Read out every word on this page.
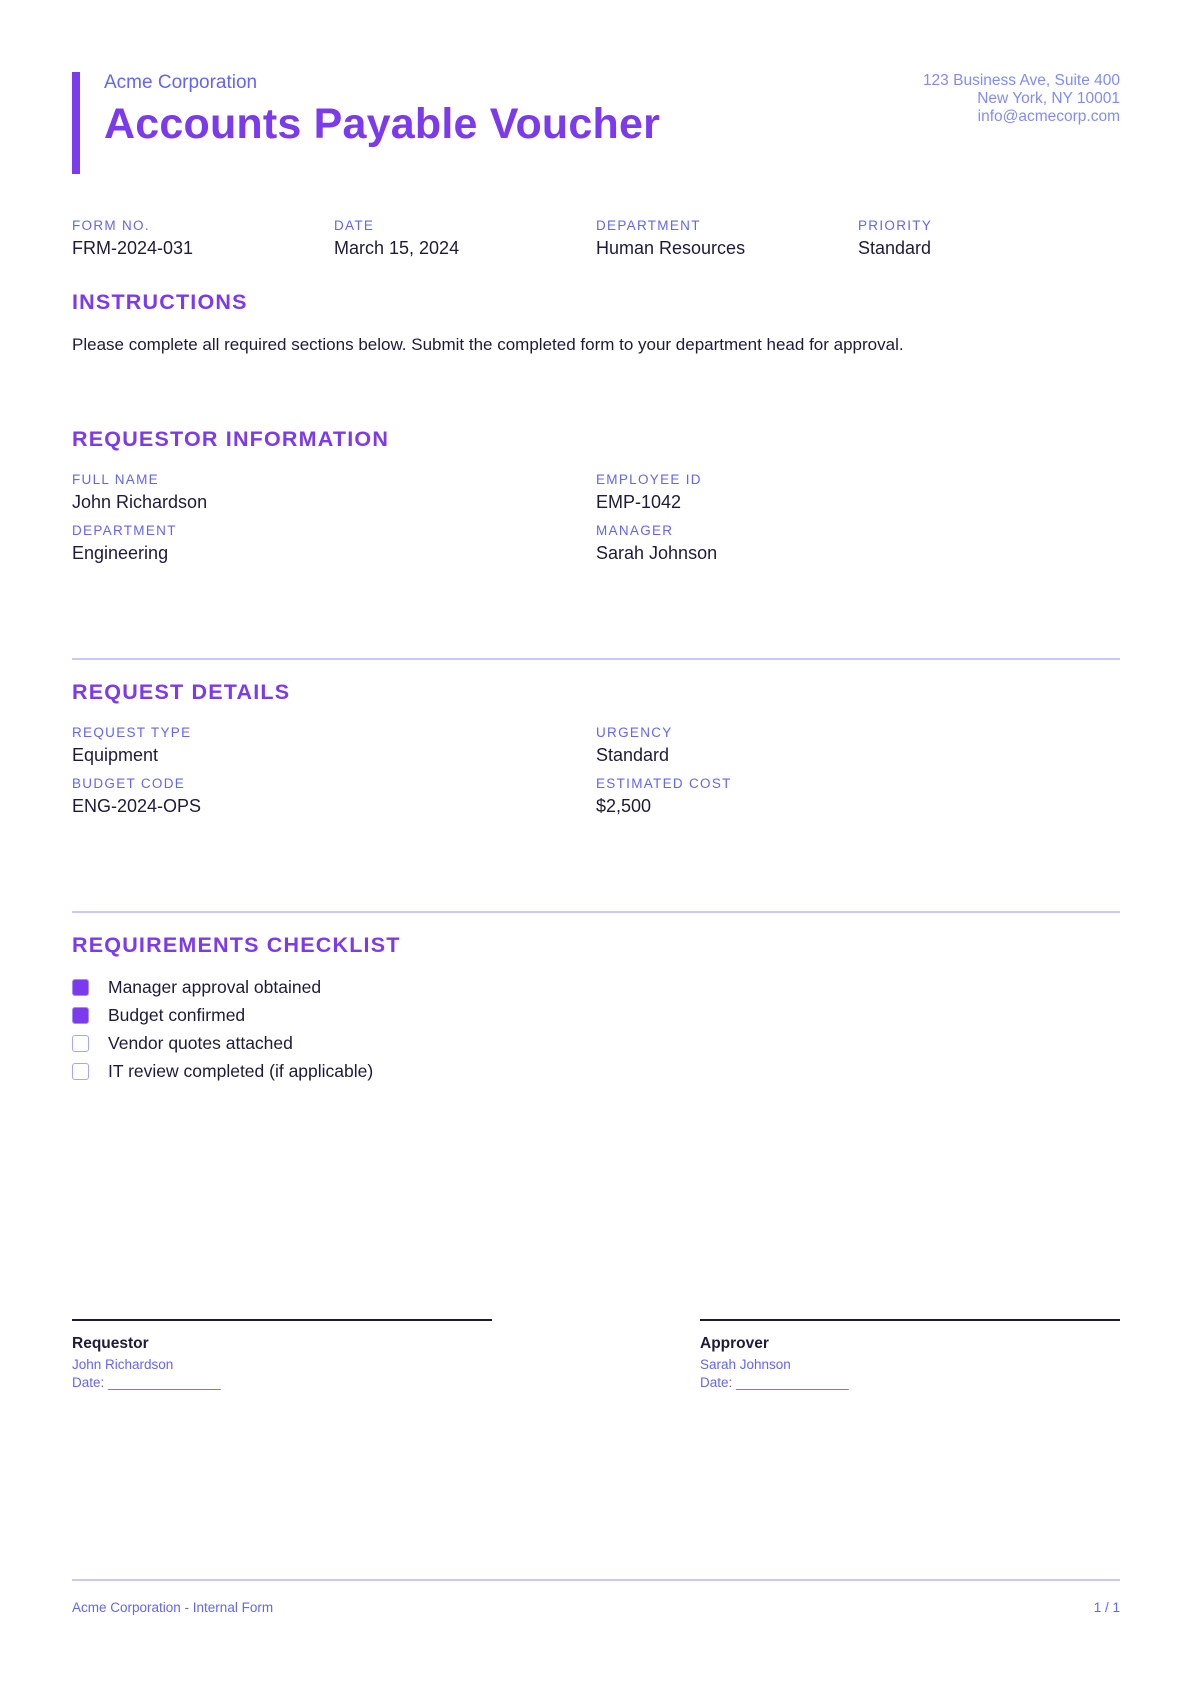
Acme Corporation
Accounts Payable Voucher
123 Business Ave, Suite 400
New York, NY 10001
info@acmecorp.com
FORM NO.
FRM-2024-031
DATE
March 15, 2024
DEPARTMENT
Human Resources
PRIORITY
Standard
INSTRUCTIONS
Please complete all required sections below. Submit the completed form to your department head for approval.
REQUESTOR INFORMATION
FULL NAME
John Richardson
EMPLOYEE ID
EMP-1042
DEPARTMENT
Engineering
MANAGER
Sarah Johnson
REQUEST DETAILS
REQUEST TYPE
Equipment
URGENCY
Standard
BUDGET CODE
ENG-2024-OPS
ESTIMATED COST
$2,500
REQUIREMENTS CHECKLIST
Manager approval obtained
Budget confirmed
Vendor quotes attached
IT review completed (if applicable)
Requestor
John Richardson
Date: _______________
Approver
Sarah Johnson
Date: _______________
Acme Corporation - Internal Form	1 / 1
